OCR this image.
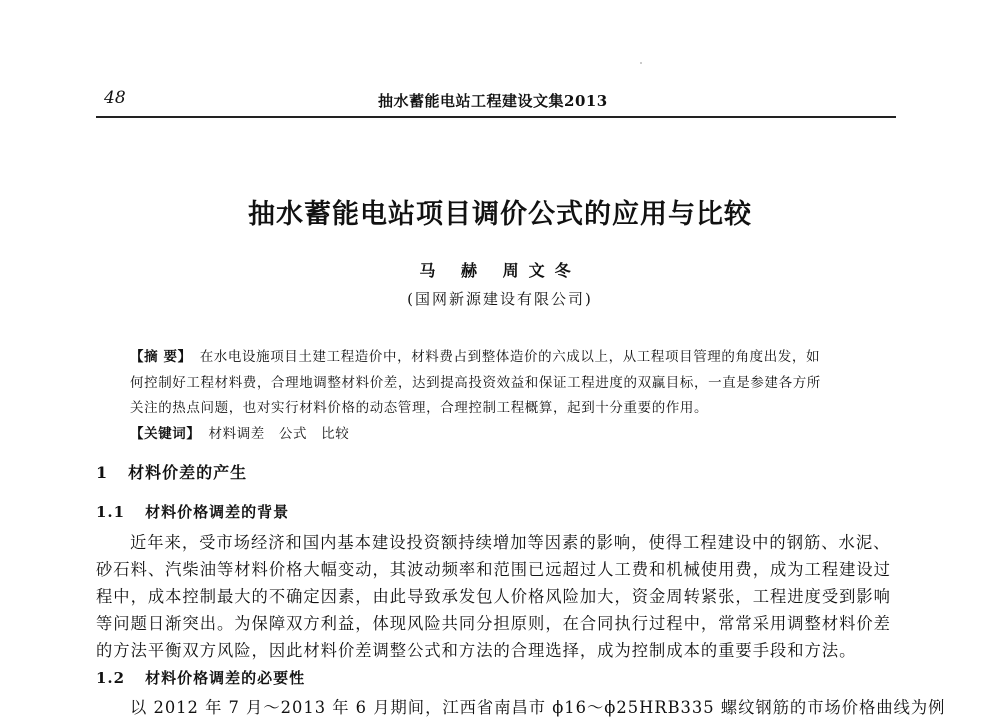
48	抽水蓄能电站工程建设文集2013
抽水蓄能电站项目调价公式的应用与比较
马 赫 周文冬
(国网新源建设有限公司)
【摘 要】 在水电设施项目土建工程造价中，材料费占到整体造价的六成以上，从工程项目管理的角度出发，如
何控制好工程材料费，合理地调整材料价差，达到提高投资效益和保证工程进度的双赢目标，一直是参建各方所
关注的热点问题，也对实行材料价格的动态管理，合理控制工程概算，起到十分重要的作用。
【关键词】 材料调差 公式 比较
1 材料价差的产生
1.1 材料价格调差的背景
近年来，受市场经济和国内基本建设投资额持续增加等因素的影响，使得工程建设中的钢筋、水泥、
砂石料、汽柴油等材料价格大幅变动，其波动频率和范围已远超过人工费和机械使用费，成为工程建设过
程中，成本控制最大的不确定因素，由此导致承发包人价格风险加大，资金周转紧张，工程进度受到影响
等问题日渐突出。为保障双方利益，体现风险共同分担原则，在合同执行过程中，常常采用调整材料价差
的方法平衡双方风险，因此材料价差调整公式和方法的合理选择，成为控制成本的重要手段和方法。
1.2 材料价格调差的必要性
以 2012 年 7 月～2013 年 6 月期间，江西省南昌市 ϕ16～ϕ25HRB335 螺纹钢筋的市场价格曲线为例
